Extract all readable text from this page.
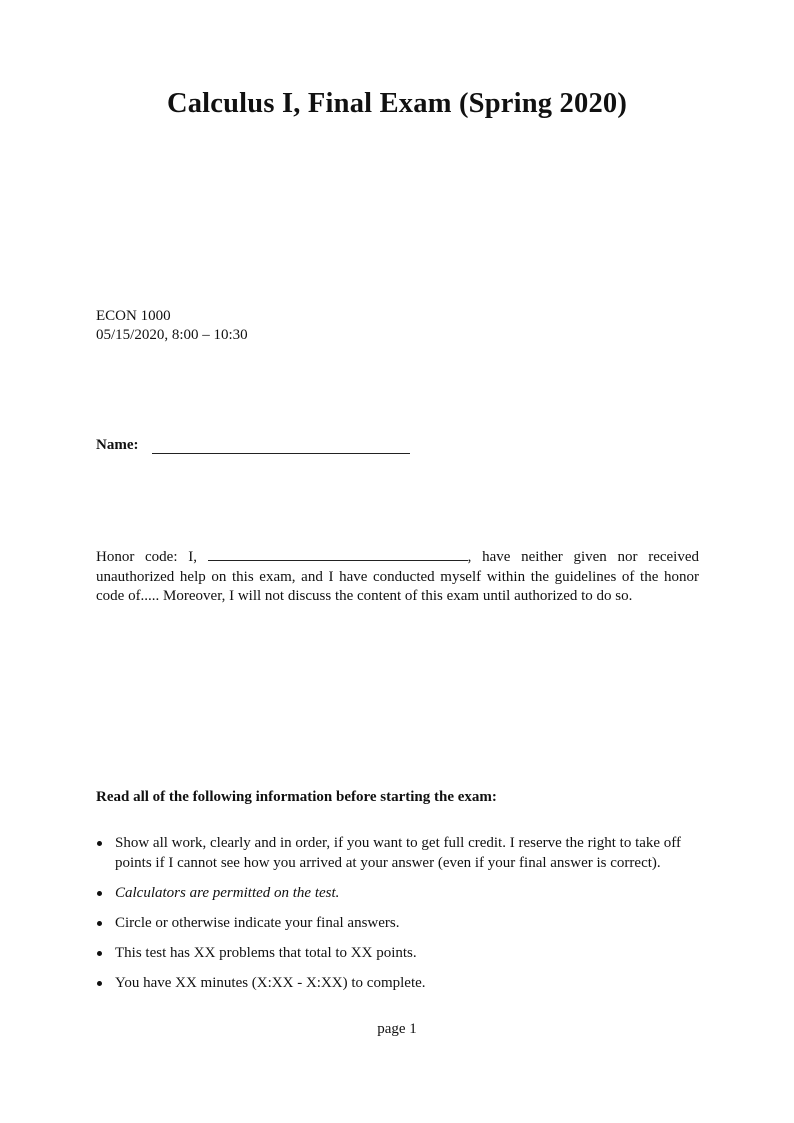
Calculus I, Final Exam (Spring 2020)
ECON 1000
05/15/2020, 8:00 – 10:30
Name:
Honor code: I,	, have neither given nor received unauthorized help on this exam, and I have conducted myself within the guidelines of the honor code of..... Moreover, I will not discuss the content of this exam until authorized to do so.
Read all of the following information before starting the exam:
Show all work, clearly and in order, if you want to get full credit. I reserve the right to take off points if I cannot see how you arrived at your answer (even if your final answer is correct).
Calculators are permitted on the test.
Circle or otherwise indicate your final answers.
This test has XX problems that total to XX points.
You have XX minutes (X:XX - X:XX) to complete.
page 1
